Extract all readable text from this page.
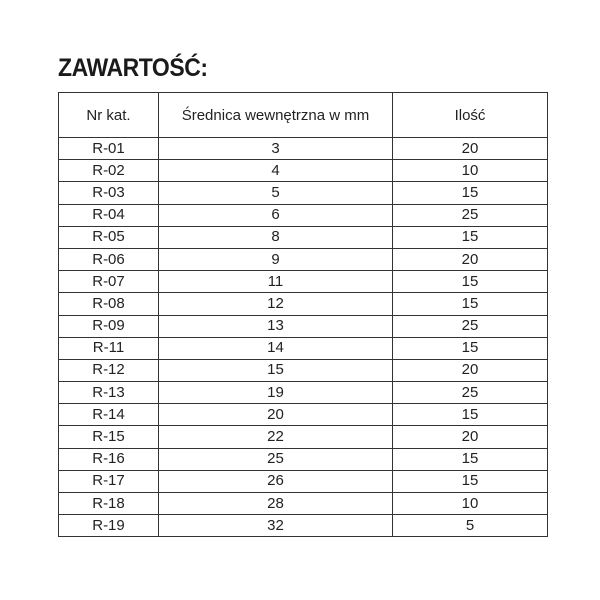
ZAWARTOŚĆ:
Nr kat.	Średnica wewnętrzna w mm	Ilość
R-01	3	20
R-02	4	10
R-03	5	15
R-04	6	25
R-05	8	15
R-06	9	20
R-07	11	15
R-08	12	15
R-09	13	25
R-11	14	15
R-12	15	20
R-13	19	25
R-14	20	15
R-15	22	20
R-16	25	15
R-17	26	15
R-18	28	10
R-19	32	5
